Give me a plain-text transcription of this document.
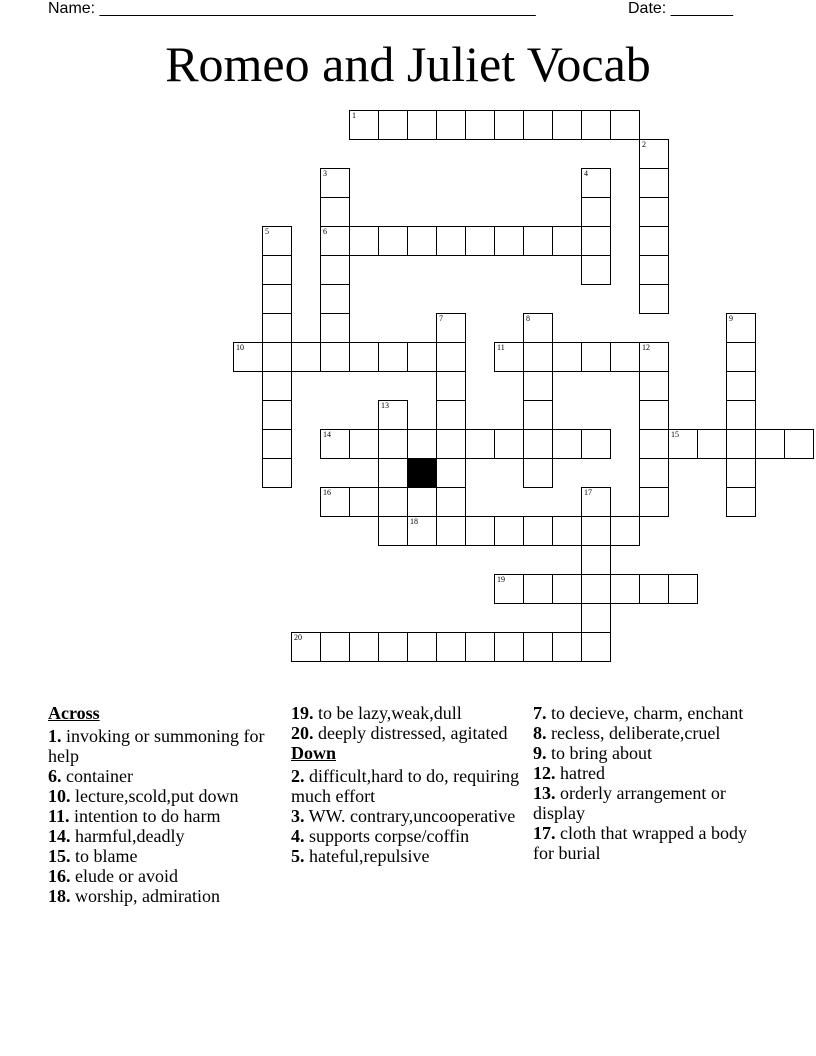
Name: _________________________________________________	Date: _______
Romeo and Juliet Vocab
1
2
3
6
4
5
10
7	8
11	12
9
13
14	15
16	17
18
19
20
Across
1. invoking or summoning for help
6. container
10. lecture,scold,put down
11. intention to do harm
14. harmful,deadly
15. to blame
16. elude or avoid
18. worship, admiration
19. to be lazy,weak,dull
20. deeply distressed, agitated
Down
2. difficult,hard to do, requiring much effort
3. WW. contrary,uncooperative
4. supports corpse/coffin
5. hateful,repulsive
7. to decieve, charm, enchant
8. recless, deliberate,cruel
9. to bring about
12. hatred
13. orderly arrangement or display
17. cloth that wrapped a body for burial
